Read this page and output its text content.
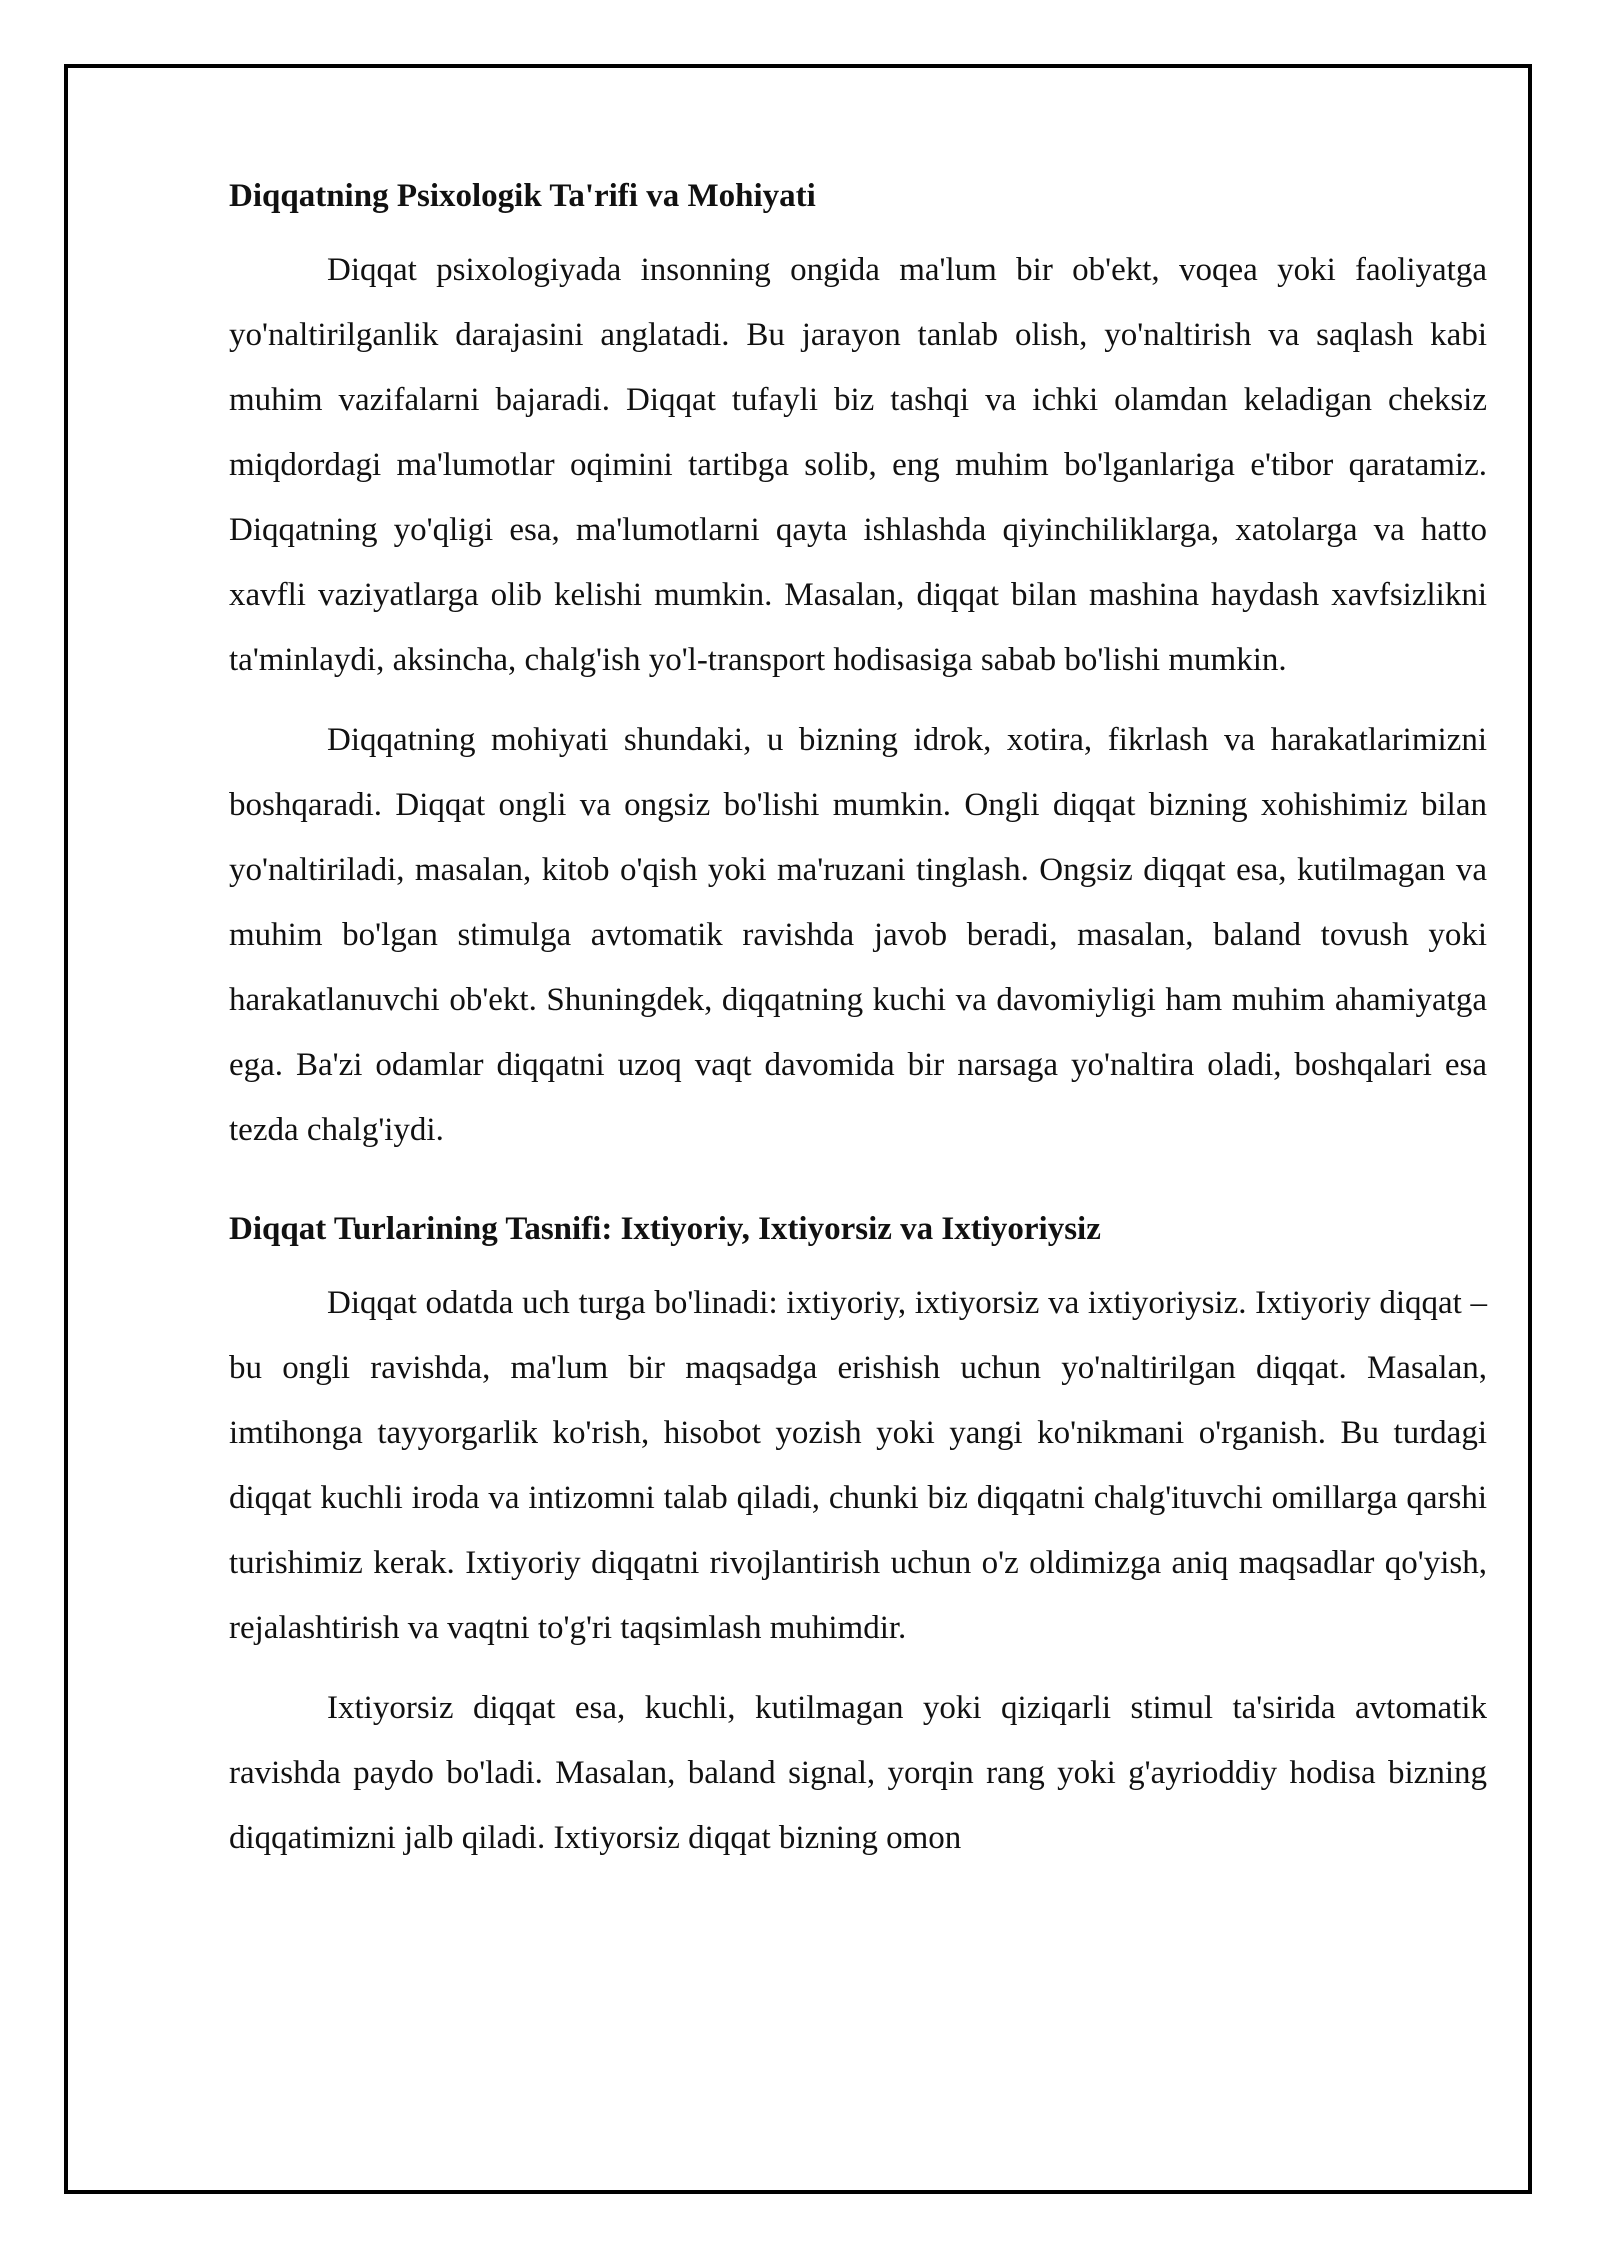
Diqqatning Psixologik Ta'rifi va Mohiyati

Diqqat psixologiyada insonning ongida ma'lum bir ob'ekt, voqea yoki faoliyatga yo'naltirilganlik darajasini anglatadi. Bu jarayon tanlab olish, yo'naltirish va saqlash kabi muhim vazifalarni bajaradi. Diqqat tufayli biz tashqi va ichki olamdan keladigan cheksiz miqdordagi ma'lumotlar oqimini tartibga solib, eng muhim bo'lganlariga e'tibor qaratamiz. Diqqatning yo'qligi esa, ma'lumotlarni qayta ishlashda qiyinchiliklarga, xatolarga va hatto xavfli vaziyatlarga olib kelishi mumkin. Masalan, diqqat bilan mashina haydash xavfsizlikni ta'minlaydi, aksincha, chalg'ish yo'l-transport hodisasiga sabab bo'lishi mumkin.

Diqqatning mohiyati shundaki, u bizning idrok, xotira, fikrlash va harakatlarimizni boshqaradi. Diqqat ongli va ongsiz bo'lishi mumkin. Ongli diqqat bizning xohishimiz bilan yo'naltiriladi, masalan, kitob o'qish yoki ma'ruzani tinglash. Ongsiz diqqat esa, kutilmagan va muhim bo'lgan stimulga avtomatik ravishda javob beradi, masalan, baland tovush yoki harakatlanuvchi ob'ekt. Shuningdek, diqqatning kuchi va davomiyligi ham muhim ahamiyatga ega. Ba'zi odamlar diqqatni uzoq vaqt davomida bir narsaga yo'naltira oladi, boshqalari esa tezda chalg'iydi.

Diqqat Turlarining Tasnifi: Ixtiyoriy, Ixtiyorsiz va Ixtiyoriysiz

Diqqat odatda uch turga bo'linadi: ixtiyoriy, ixtiyorsiz va ixtiyoriysiz. Ixtiyoriy diqqat – bu ongli ravishda, ma'lum bir maqsadga erishish uchun yo'naltirilgan diqqat. Masalan, imtihonga tayyorgarlik ko'rish, hisobot yozish yoki yangi ko'nikmani o'rganish. Bu turdagi diqqat kuchli iroda va intizomni talab qiladi, chunki biz diqqatni chalg'ituvchi omillarga qarshi turishimiz kerak. Ixtiyoriy diqqatni rivojlantirish uchun o'z oldimizga aniq maqsadlar qo'yish, rejalashtirish va vaqtni to'g'ri taqsimlash muhimdir.

Ixtiyorsiz diqqat esa, kuchli, kutilmagan yoki qiziqarli stimul ta'sirida avtomatik ravishda paydo bo'ladi. Masalan, baland signal, yorqin rang yoki g'ayrioddiy hodisa bizning diqqatimizni jalb qiladi. Ixtiyorsiz diqqat bizning omon
